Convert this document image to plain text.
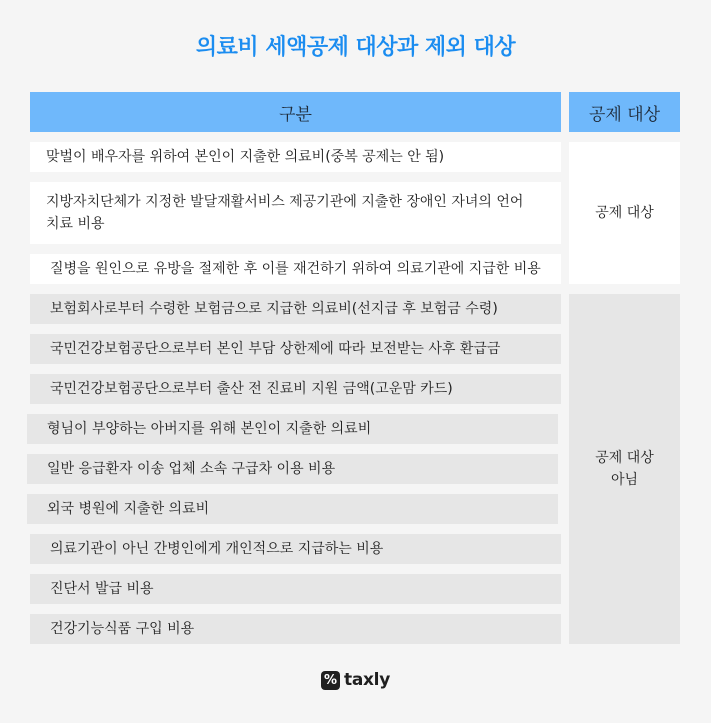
의료비 세액공제 대상과 제외 대상
구분	공제 대상
맞벌이 배우자를 위하여 본인이 지출한 의료비(중복 공제는 안 됨)
지방자치단체가 지정한 발달재활서비스 제공기관에 지출한 장애인 자녀의 언어치료 비용
질병을 원인으로 유방을 절제한 후 이를 재건하기 위하여 의료기관에 지급한 비용
공제 대상
보험회사로부터 수령한 보험금으로 지급한 의료비(선지급 후 보험금 수령)
국민건강보험공단으로부터 본인 부담 상한제에 따라 보전받는 사후 환급금
국민건강보험공단으로부터 출산 전 진료비 지원 금액(고운맘 카드)
형님이 부양하는 아버지를 위해 본인이 지출한 의료비
일반 응급환자 이송 업체 소속 구급차 이용 비용
외국 병원에 지출한 의료비
의료기관이 아닌 간병인에게 개인적으로 지급하는 비용
진단서 발급 비용
건강기능식품 구입 비용
공제 대상
아님
% taxly
